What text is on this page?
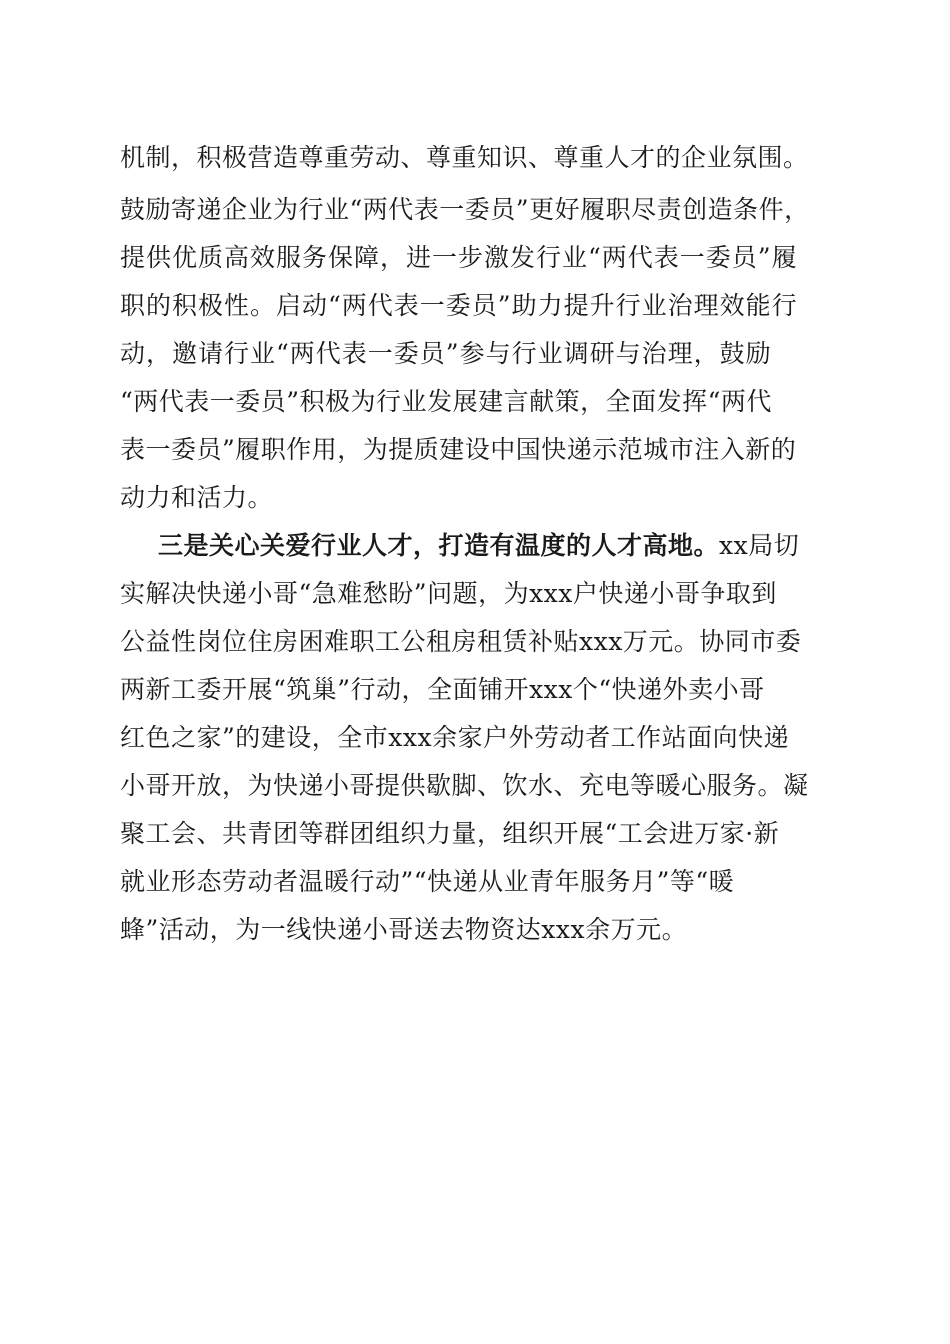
机制，积极营造尊重劳动、尊重知识、尊重人才的企业氛围。
鼓励寄递企业为行业“两代表一委员”更好履职尽责创造条件，
提供优质高效服务保障，进一步激发行业“两代表一委员”履
职的积极性。启动“两代表一委员”助力提升行业治理效能行
动，邀请行业“两代表一委员”参与行业调研与治理，鼓励
“两代表一委员”积极为行业发展建言献策，全面发挥“两代
表一委员”履职作用，为提质建设中国快递示范城市注入新的
动力和活力。
三是关心关爱行业人才，打造有温度的人才高地。xx局切
实解决快递小哥“急难愁盼”问题，为xxx户快递小哥争取到
公益性岗位住房困难职工公租房租赁补贴xxx万元。协同市委
两新工委开展“筑巢”行动，全面铺开xxx个“快递外卖小哥
红色之家”的建设，全市xxx余家户外劳动者工作站面向快递
小哥开放，为快递小哥提供歇脚、饮水、充电等暖心服务。凝
聚工会、共青团等群团组织力量，组织开展“工会进万家·新
就业形态劳动者温暖行动”“快递从业青年服务月”等“暖
蜂”活动，为一线快递小哥送去物资达xxx余万元。
